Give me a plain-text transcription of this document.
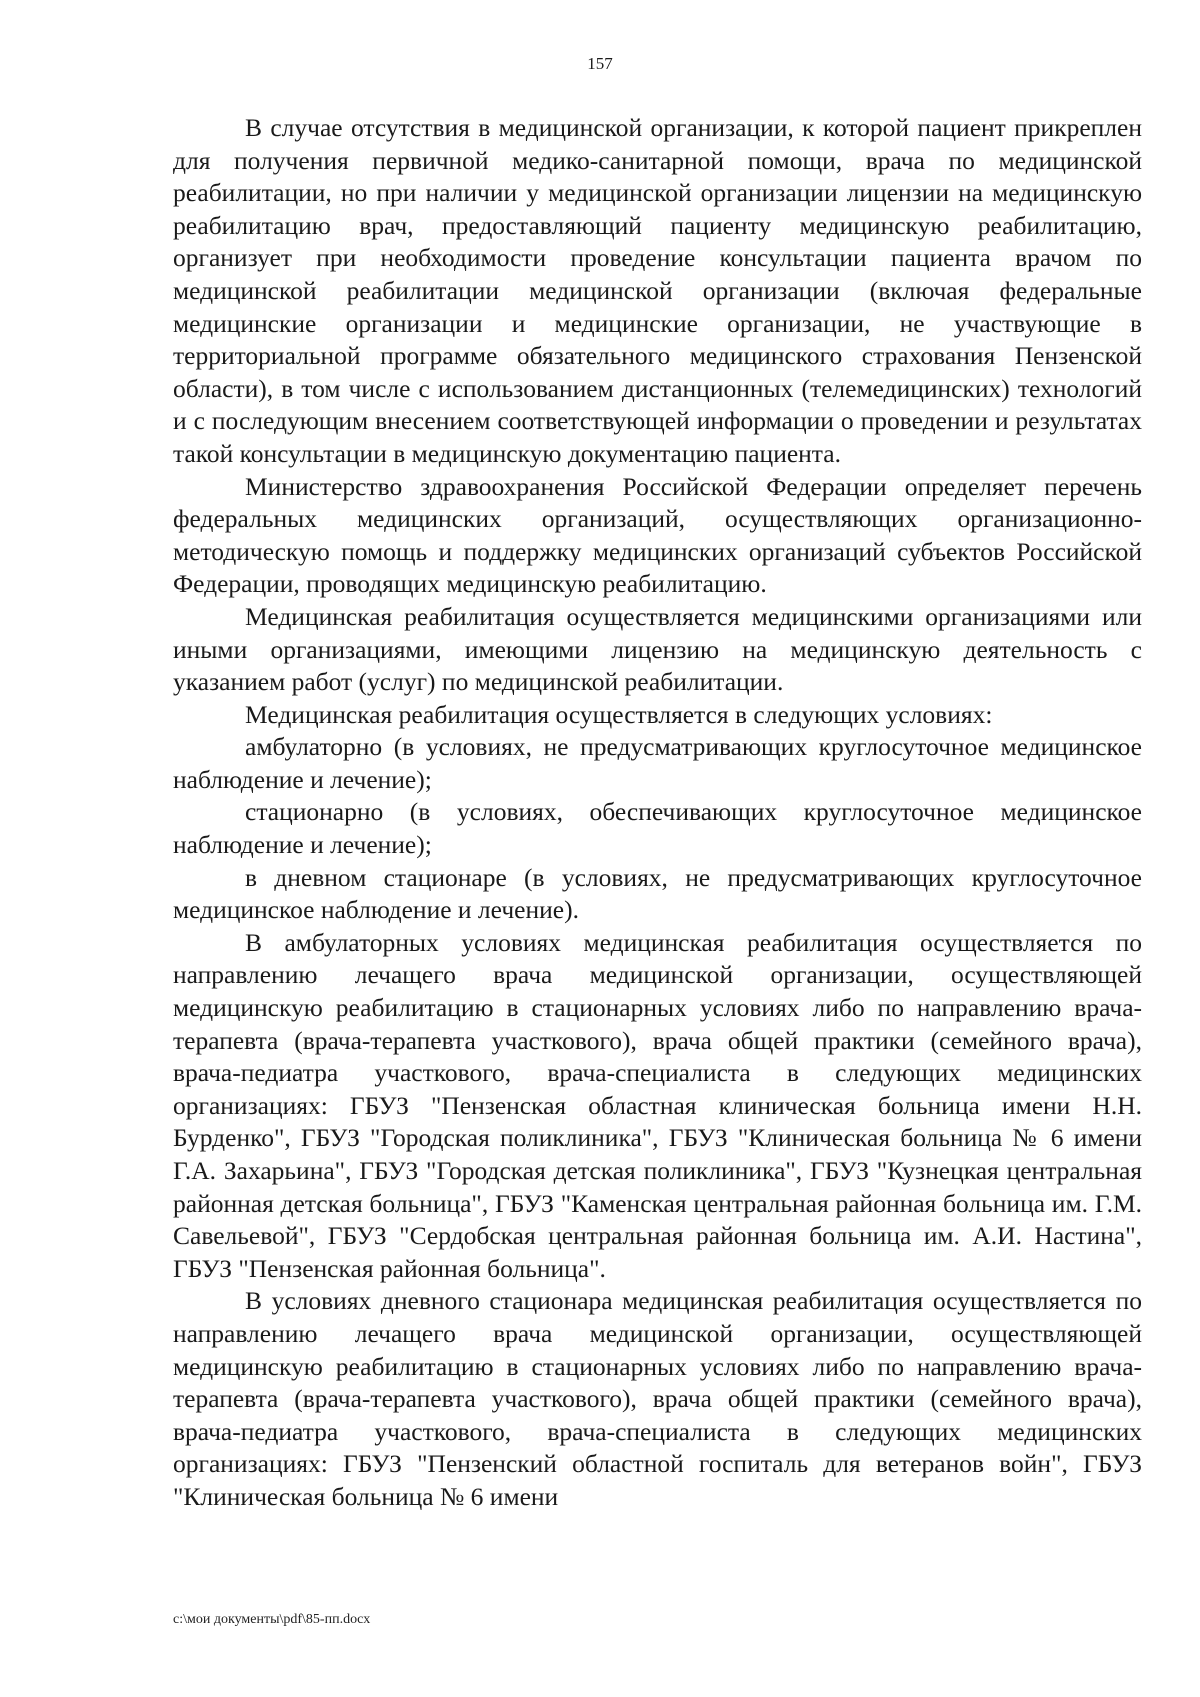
157

В случае отсутствия в медицинской организации, к которой пациент прикреплен для получения первичной медико-санитарной помощи, врача по медицинской реабилитации, но при наличии у медицинской организации лицензии на медицинскую реабилитацию врач, предоставляющий пациенту медицинскую реабилитацию, организует при необходимости проведение консультации пациента врачом по медицинской реабилитации медицинской организации (включая федеральные медицинские организации и медицинские организации, не участвующие в территориальной программе обязательного медицинского страхования Пензенской области), в том числе с использованием дистанционных (телемедицинских) технологий и с последующим внесением соответствующей информации о проведении и результатах такой консультации в медицинскую документацию пациента.

Министерство здравоохранения Российской Федерации определяет перечень федеральных медицинских организаций, осуществляющих организационно-методическую помощь и поддержку медицинских организаций субъектов Российской Федерации, проводящих медицинскую реабилитацию.

Медицинская реабилитация осуществляется медицинскими организациями или иными организациями, имеющими лицензию на медицинскую деятельность с указанием работ (услуг) по медицинской реабилитации.

Медицинская реабилитация осуществляется в следующих условиях:

амбулаторно (в условиях, не предусматривающих круглосуточное медицинское наблюдение и лечение);

стационарно (в условиях, обеспечивающих круглосуточное медицинское наблюдение и лечение);

в дневном стационаре (в условиях, не предусматривающих круглосуточное медицинское наблюдение и лечение).

В амбулаторных условиях медицинская реабилитация осуществляется по направлению лечащего врача медицинской организации, осуществляющей медицинскую реабилитацию в стационарных условиях либо по направлению врача-терапевта (врача-терапевта участкового), врача общей практики (семейного врача), врача-педиатра участкового, врача-специалиста в следующих медицинских организациях: ГБУЗ "Пензенская областная клиническая больница имени Н.Н. Бурденко", ГБУЗ "Городская поликлиника", ГБУЗ "Клиническая больница № 6 имени Г.А. Захарьина", ГБУЗ "Городская детская поликлиника", ГБУЗ "Кузнецкая центральная районная детская больница", ГБУЗ "Каменская центральная районная больница им. Г.М. Савельевой", ГБУЗ "Сердобская центральная районная больница им. А.И. Настина", ГБУЗ "Пензенская районная больница".

В условиях дневного стационара медицинская реабилитация осуществляется по направлению лечащего врача медицинской организации, осуществляющей медицинскую реабилитацию в стационарных условиях либо по направлению врача-терапевта (врача-терапевта участкового), врача общей практики (семейного врача), врача-педиатра участкового, врача-специалиста в следующих медицинских организациях: ГБУЗ "Пензенский областной госпиталь для ветеранов войн", ГБУЗ "Клиническая больница № 6 имени

c:\мои документы\pdf\85-пп.docx
